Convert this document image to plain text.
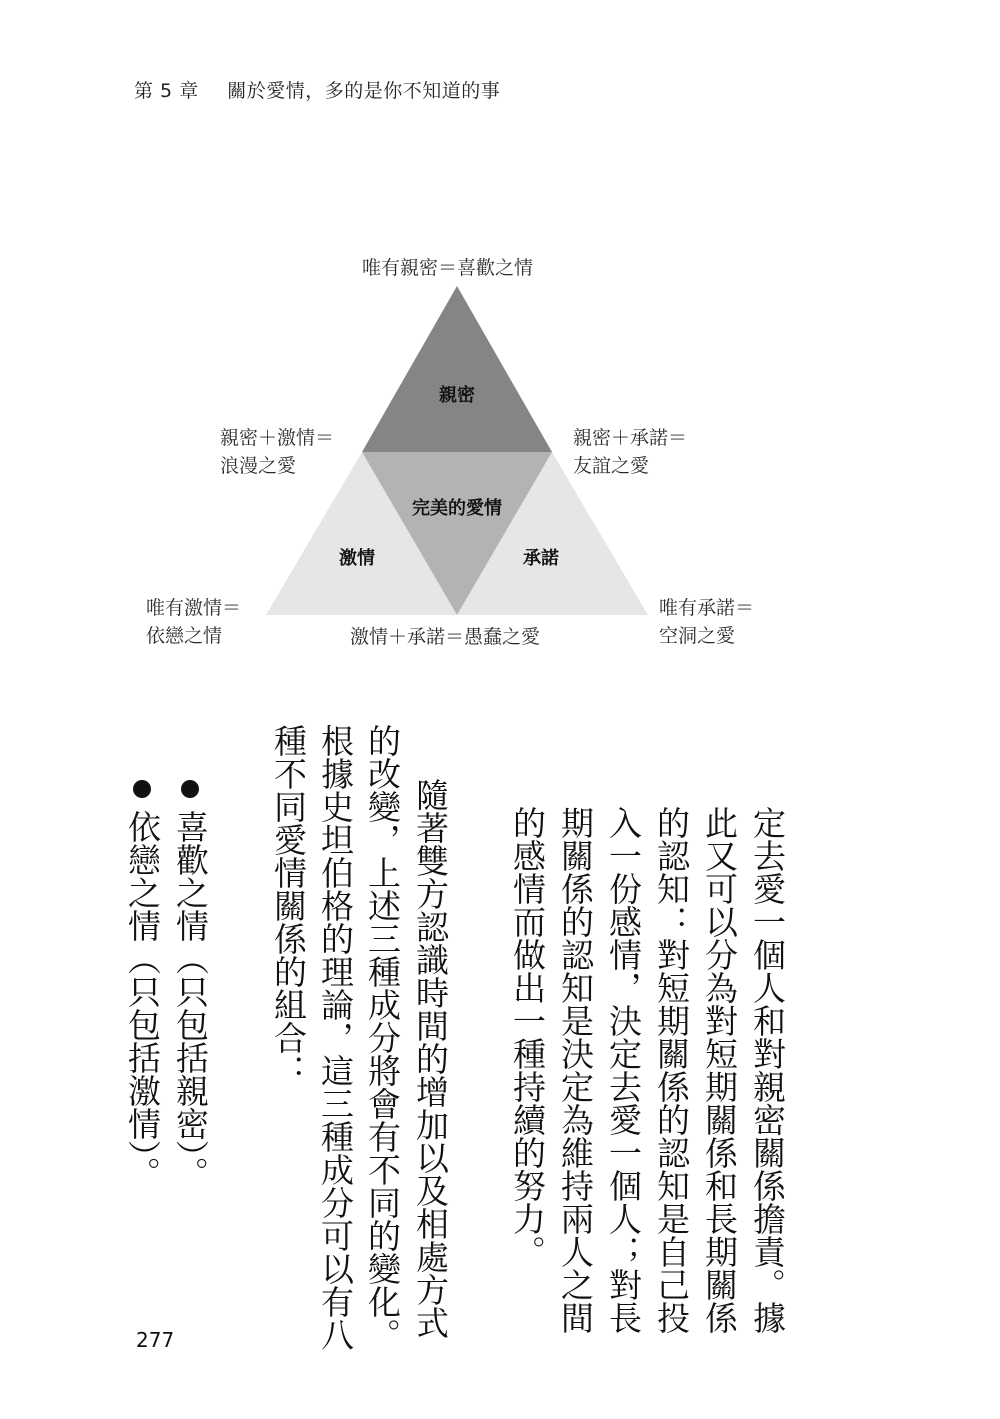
第 5 章 關於愛情，多的是你不知道的事
親密
完美的愛情
激情	承諾
唯有親密＝喜歡之情
親密＋激情＝
浪漫之愛
親密＋承諾＝
友誼之愛
唯有激情＝
依戀之情
唯有承諾＝
空洞之愛
激情＋承諾＝愚蠢之愛
定去愛一個人和對親密關係擔責。據
此又可以分為對短期關係和長期關係
的認知：對短期關係的認知是自己投
入一份感情，決定去愛一個人；對長
期關係的認知是決定為維持兩人之間
的感情而做出一種持續的努力。
隨著雙方認識時間的增加以及相處方式
的改變，上述三種成分將會有不同的變化。
根據史坦伯格的理論，這三種成分可以有八
種不同愛情關係的組合：
喜歡之情（只包括親密）。
依戀之情（只包括激情）。
277
